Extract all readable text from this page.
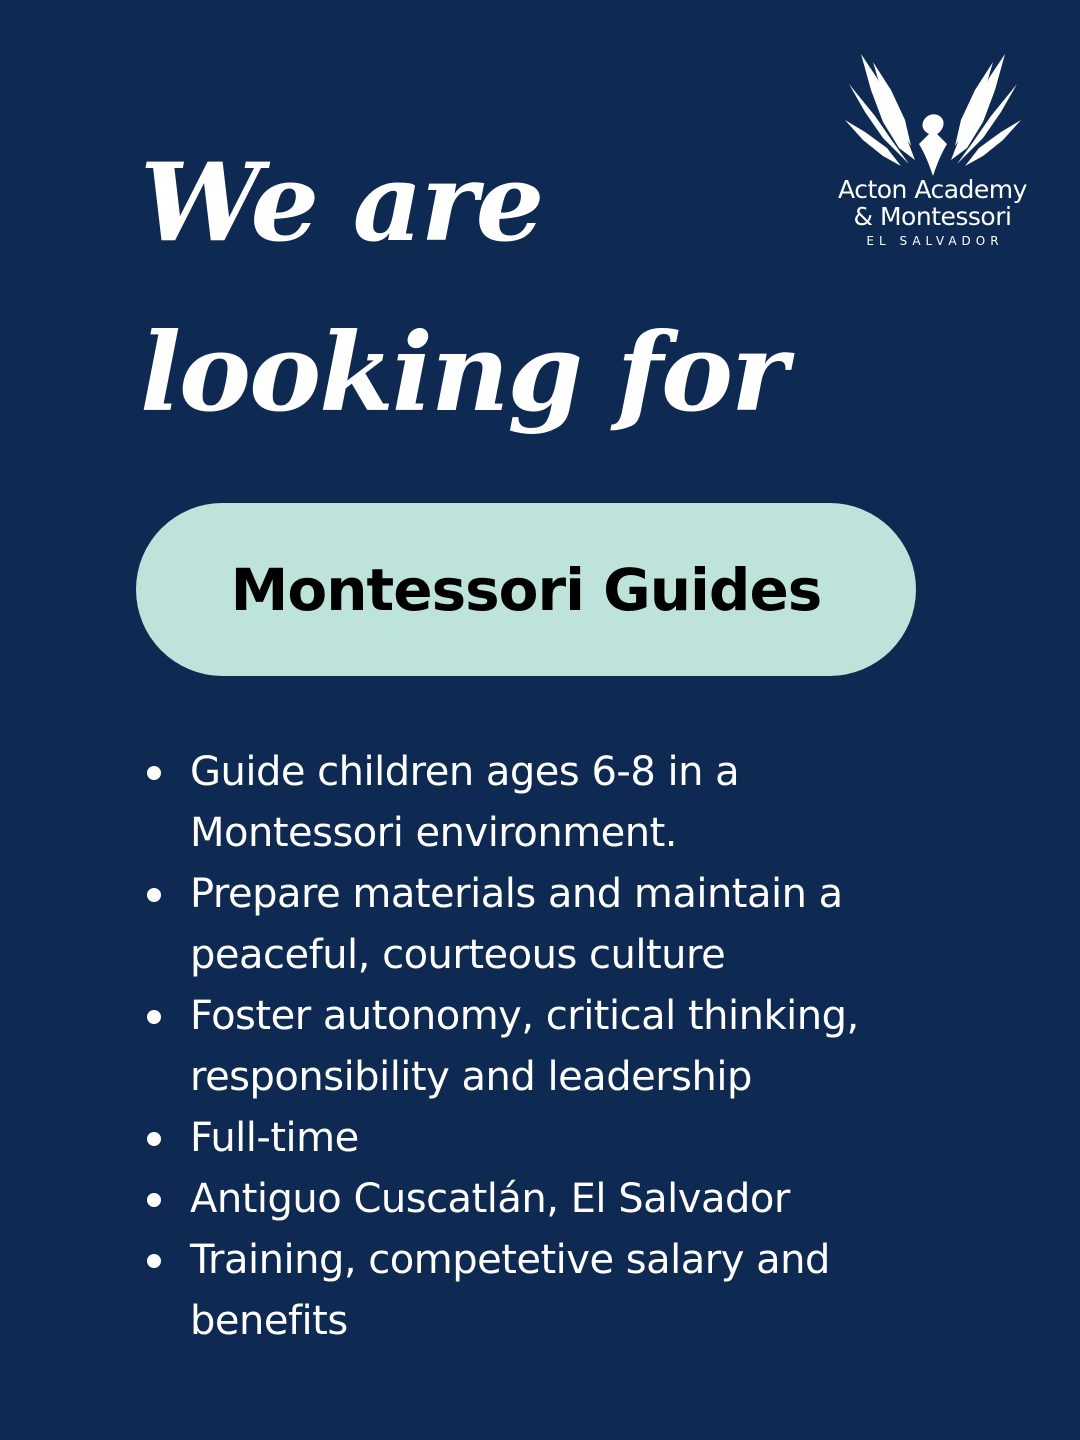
We are
looking for
Acton Academy
& Montessori
EL SALVADOR
Montessori Guides
Guide children ages 6-8 in a Montessori environment.
Prepare materials and maintain a peaceful, courteous culture
Foster autonomy, critical thinking, responsibility and leadership
Full-time
Antiguo Cuscatlán, El Salvador
Training, competetive salary and benefits
